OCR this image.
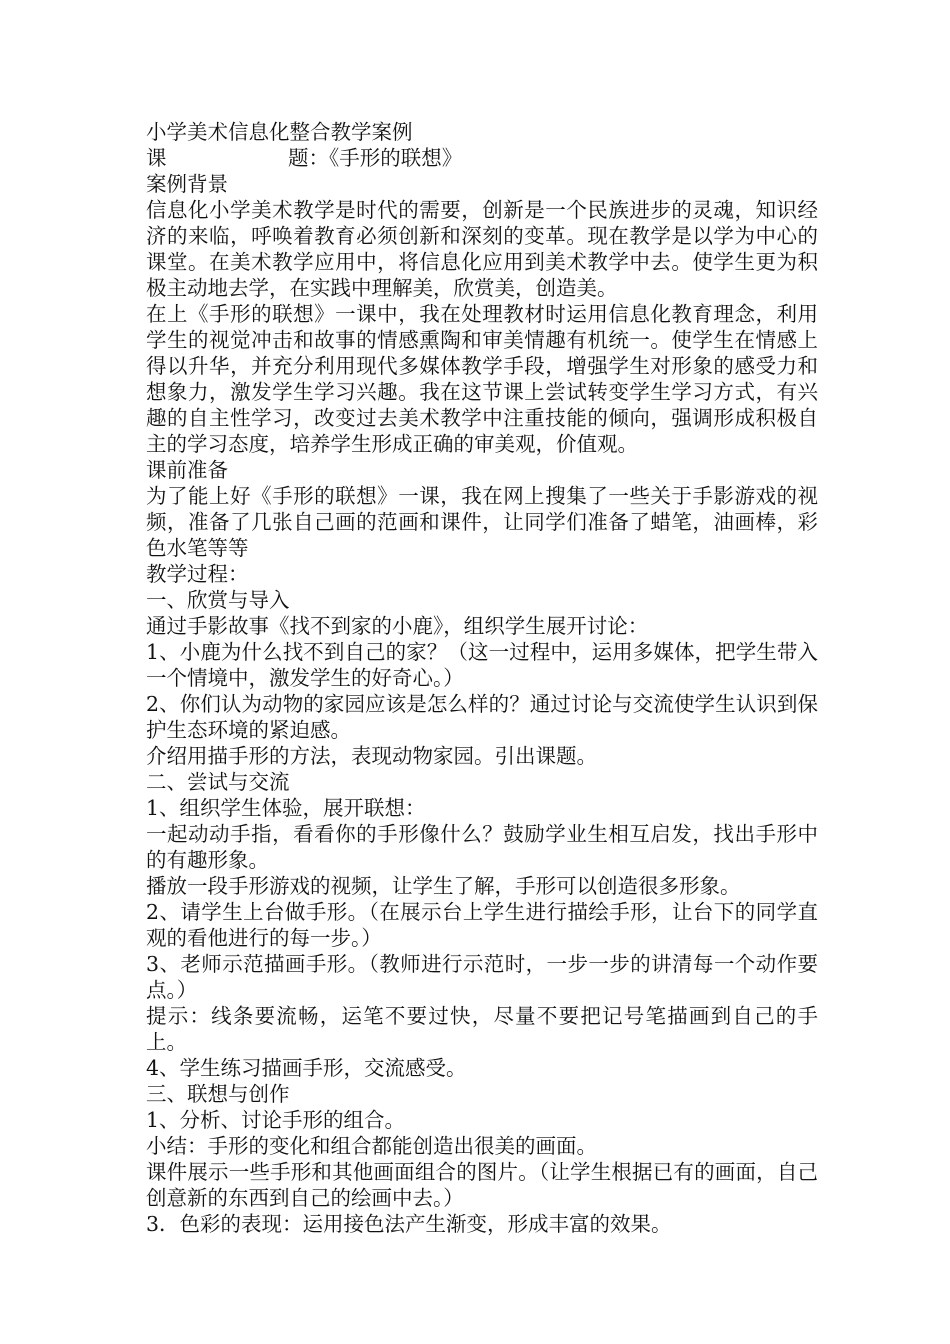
小学美术信息化整合教学案例

课	题：《手形的联想》

案例背景

信息化小学美术教学是时代的需要，创新是一个民族进步的灵魂，知识经济的来临，呼唤着教育必须创新和深刻的变革。现在教学是以学为中心的课堂。在美术教学应用中，将信息化应用到美术教学中去。使学生更为积极主动地去学，在实践中理解美，欣赏美，创造美。

在上《手形的联想》一课中，我在处理教材时运用信息化教育理念，利用学生的视觉冲击和故事的情感熏陶和审美情趣有机统一。使学生在情感上得以升华，并充分利用现代多媒体教学手段，增强学生对形象的感受力和想象力，激发学生学习兴趣。我在这节课上尝试转变学生学习方式，有兴趣的自主性学习，改变过去美术教学中注重技能的倾向，强调形成积极自主的学习态度，培养学生形成正确的审美观，价值观。

课前准备

为了能上好《手形的联想》一课，我在网上搜集了一些关于手影游戏的视频，准备了几张自己画的范画和课件，让同学们准备了蜡笔，油画棒，彩色水笔等等

教学过程：

一、欣赏与导入

通过手影故事《找不到家的小鹿》，组织学生展开讨论：

1、小鹿为什么找不到自己的家？（这一过程中，运用多媒体，把学生带入一个情境中，激发学生的好奇心。）

2、你们认为动物的家园应该是怎么样的？通过讨论与交流使学生认识到保护生态环境的紧迫感。

介绍用描手形的方法，表现动物家园。引出课题。

二、尝试与交流

1、组织学生体验，展开联想：

一起动动手指，看看你的手形像什么？鼓励学业生相互启发，找出手形中的有趣形象。

播放一段手形游戏的视频，让学生了解，手形可以创造很多形象。

2、请学生上台做手形。（在展示台上学生进行描绘手形，让台下的同学直观的看他进行的每一步。）

3、老师示范描画手形。（教师进行示范时，一步一步的讲清每一个动作要点。）

提示：线条要流畅，运笔不要过快，尽量不要把记号笔描画到自己的手上。

4、学生练习描画手形，交流感受。

三、联想与创作

1、分析、讨论手形的组合。

小结：手形的变化和组合都能创造出很美的画面。

课件展示一些手形和其他画面组合的图片。（让学生根据已有的画面，自己创意新的东西到自己的绘画中去。）

3．色彩的表现：运用接色法产生渐变，形成丰富的效果。
